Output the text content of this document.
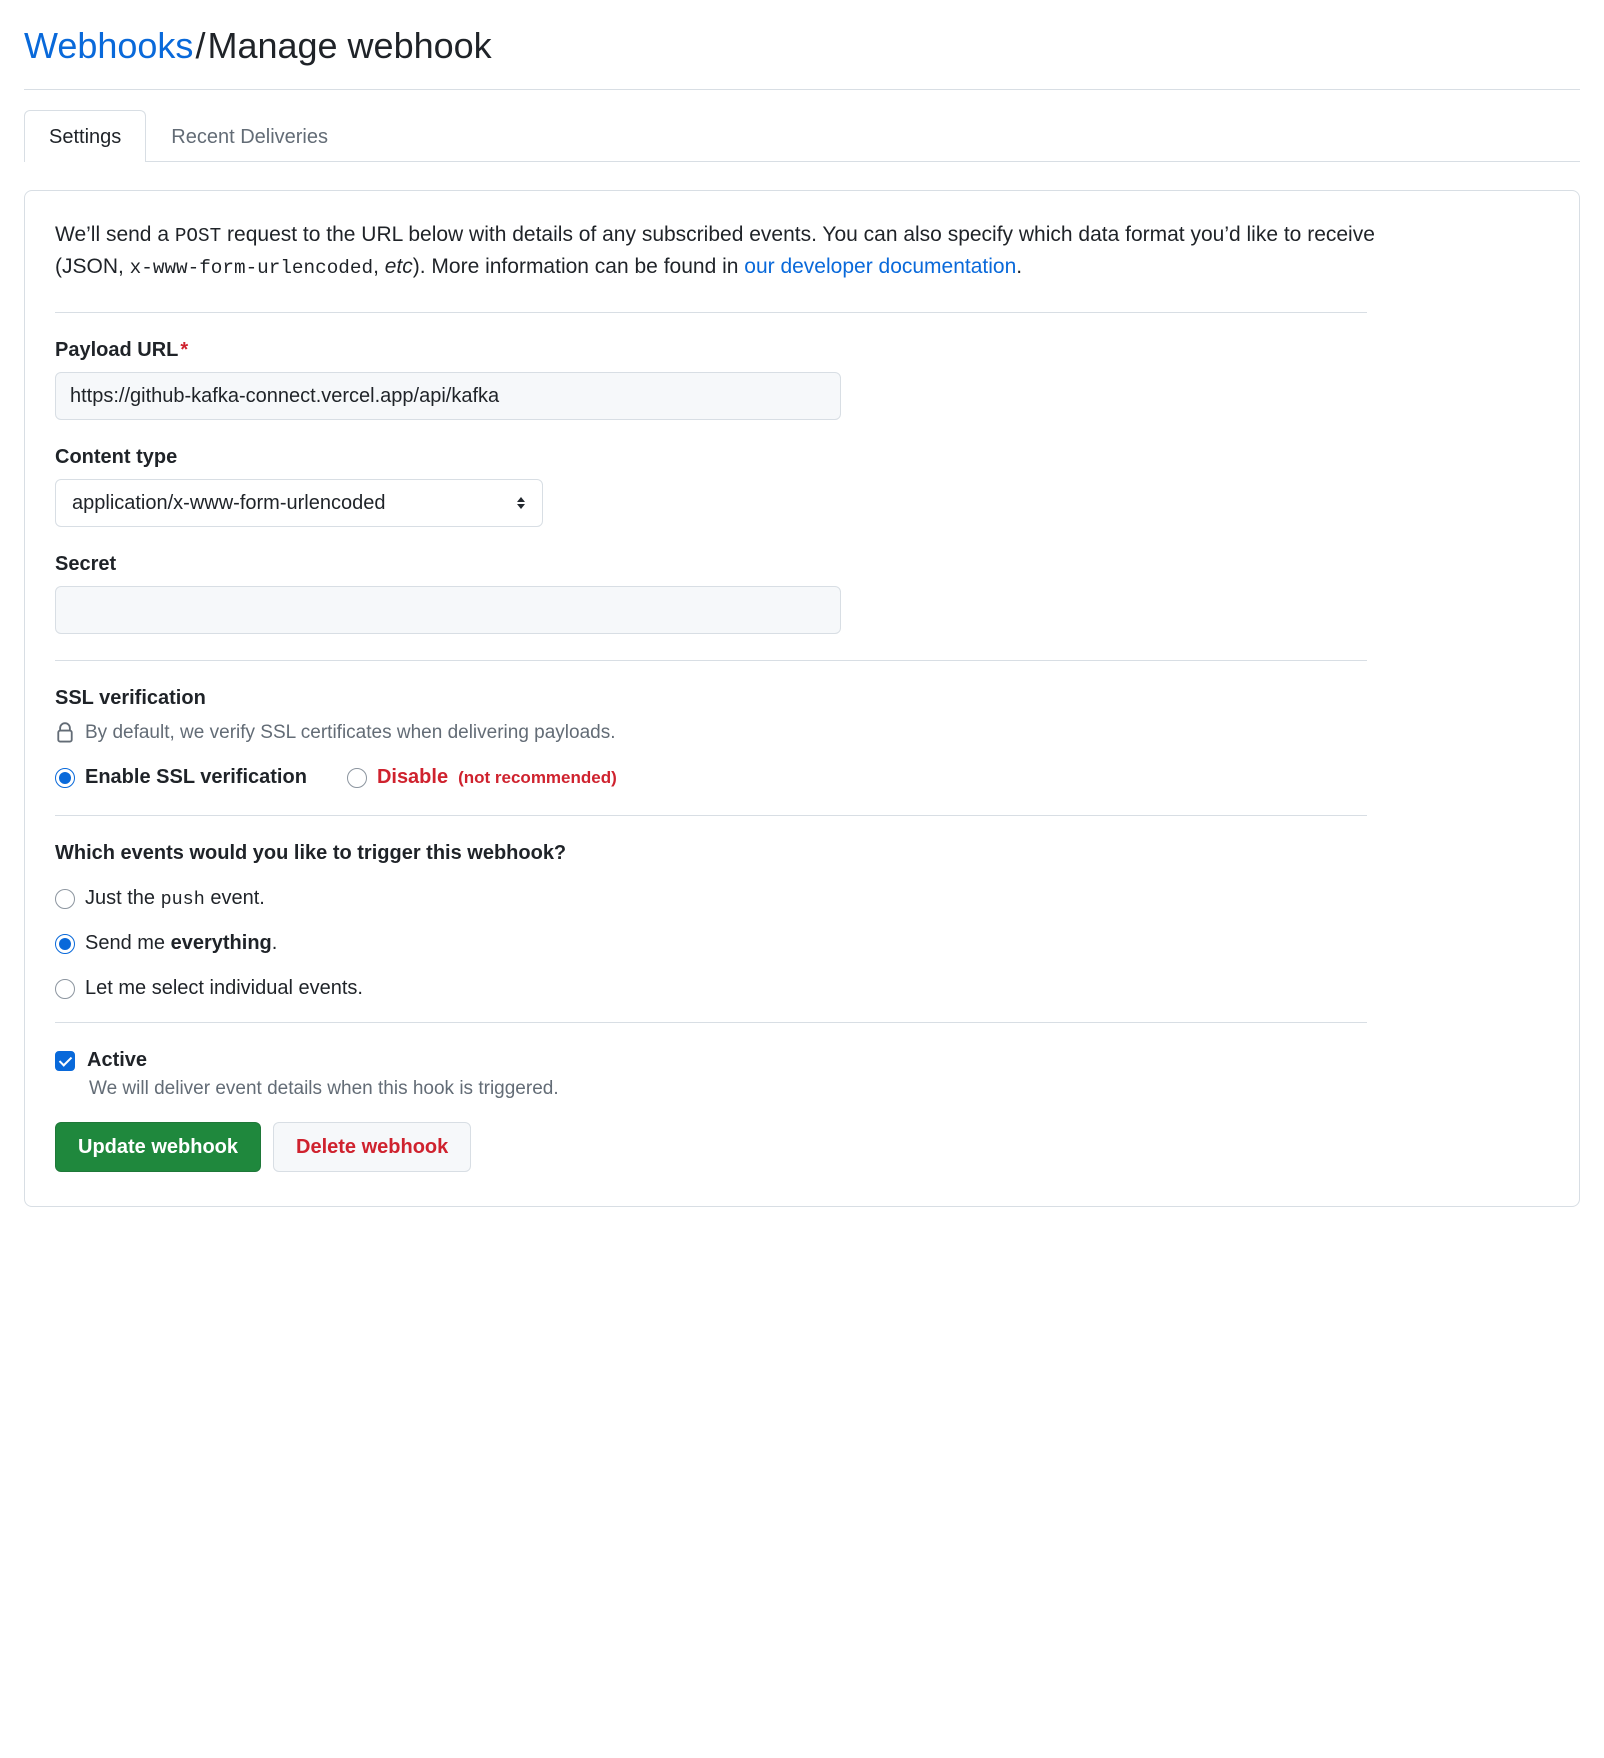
Webhooks/Manage webhook
Settings	Recent Deliveries

We’ll send a POST request to the URL below with details of any subscribed events. You can also specify which data format you’d like to receive (JSON, x-www-form-urlencoded, etc). More information can be found in our developer documentation.

Payload URL *
https://github-kafka-connect.vercel.app/api/kafka
Content type
application/x-www-form-urlencoded
Secret
SSL verification
By default, we verify SSL certificates when delivering payloads.
Enable SSL verification	Disable (not recommended)
Which events would you like to trigger this webhook?
Just the push event.
Send me everything.
Let me select individual events.
Active
We will deliver event details when this hook is triggered.
Update webhook	Delete webhook
